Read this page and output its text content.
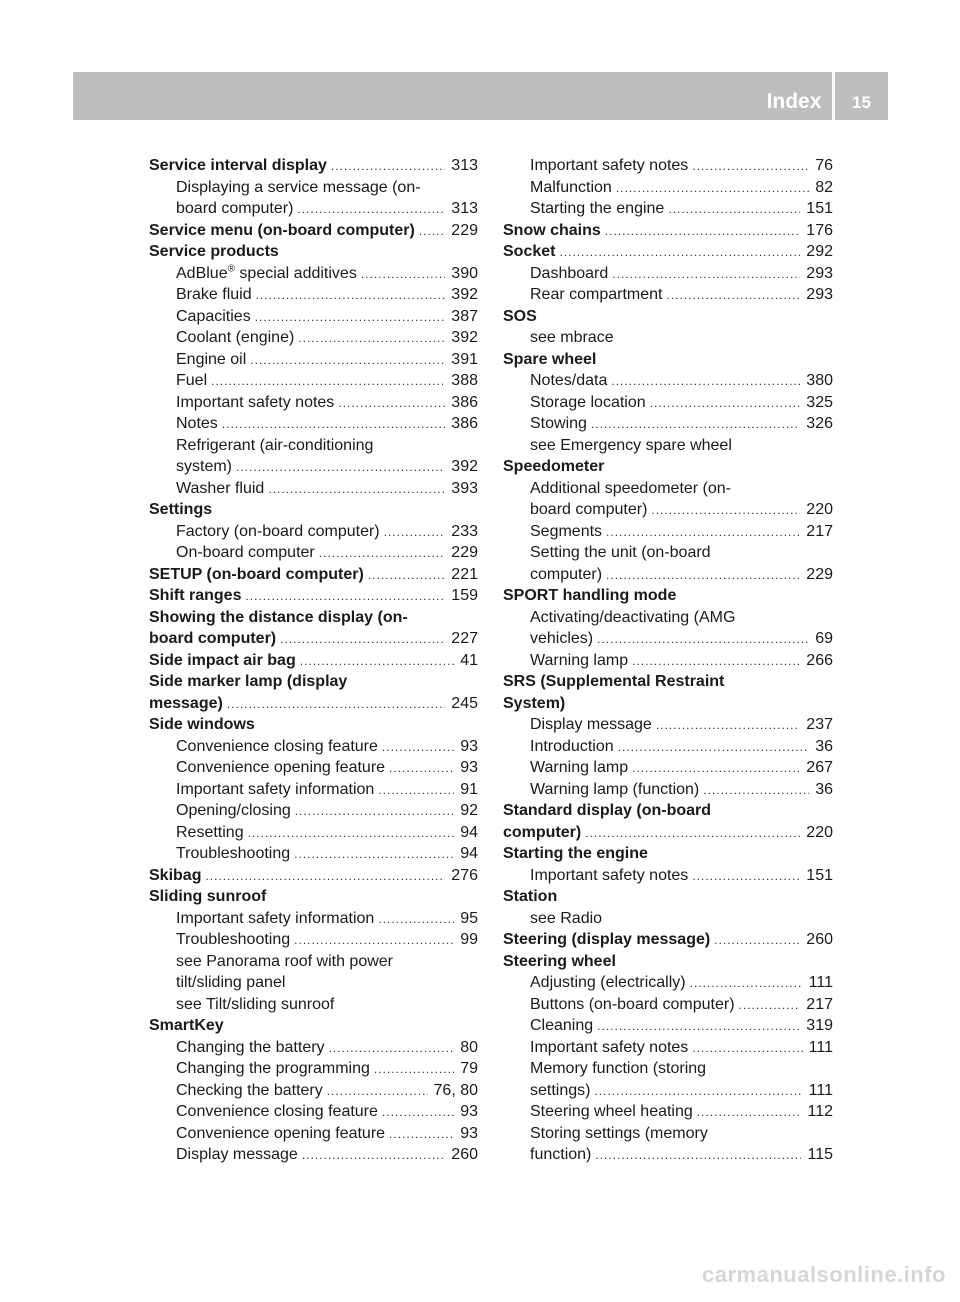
Index	15
Service interval display .....	313
Displaying a service message (on-
board computer) .....	313
Service menu (on-board computer) ..... 229
Service products
AdBlue® special additives .....	390
Brake fluid .....	392
Capacities .....	387
Coolant (engine) .....	392
Engine oil .....	391
Fuel .....	388
Important safety notes .....	386
Notes .....	386
Refrigerant (air-conditioning
system) .....	392
Washer fluid .....	393
Settings
Factory (on-board computer) .....	233
On-board computer .....	229
SETUP (on-board computer) .....	221
Shift ranges .....	159
Showing the distance display (on-
board computer) .....	227
Side impact air bag .....	41
Side marker lamp (display
message) .....	245
Side windows
Convenience closing feature .....	93
Convenience opening feature .....	93
Important safety information .....	91
Opening/closing .....	92
Resetting .....	94
Troubleshooting .....	94
Skibag .....	276
Sliding sunroof
Important safety information .....	95
Troubleshooting .....	99
see Panorama roof with power
tilt/sliding panel
see Tilt/sliding sunroof
SmartKey
Changing the battery .....	80
Changing the programming .....	79
Checking the battery .....	76, 80
Convenience closing feature .....	93
Convenience opening feature .....	93
Display message .....	260
Important safety notes .....	76
Malfunction .....	82
Starting the engine .....	151
Snow chains .....	176
Socket .....	292
Dashboard .....	293
Rear compartment .....	293
SOS
see mbrace
Spare wheel
Notes/data .....	380
Storage location .....	325
Stowing .....	326
see Emergency spare wheel
Speedometer
Additional speedometer (on-
board computer) .....	220
Segments .....	217
Setting the unit (on-board
computer) .....	229
SPORT handling mode
Activating/deactivating (AMG
vehicles) .....	69
Warning lamp .....	266
SRS (Supplemental Restraint
System)
Display message .....	237
Introduction .....	36
Warning lamp .....	267
Warning lamp (function) .....	36
Standard display (on-board
computer) .....	220
Starting the engine
Important safety notes .....	151
Station
see Radio
Steering (display message) .....	260
Steering wheel
Adjusting (electrically) .....	111
Buttons (on-board computer) .....	217
Cleaning .....	319
Important safety notes .....	111
Memory function (storing
settings) .....	111
Steering wheel heating .....	112
Storing settings (memory
function) .....	115
carmanualsonline.info
